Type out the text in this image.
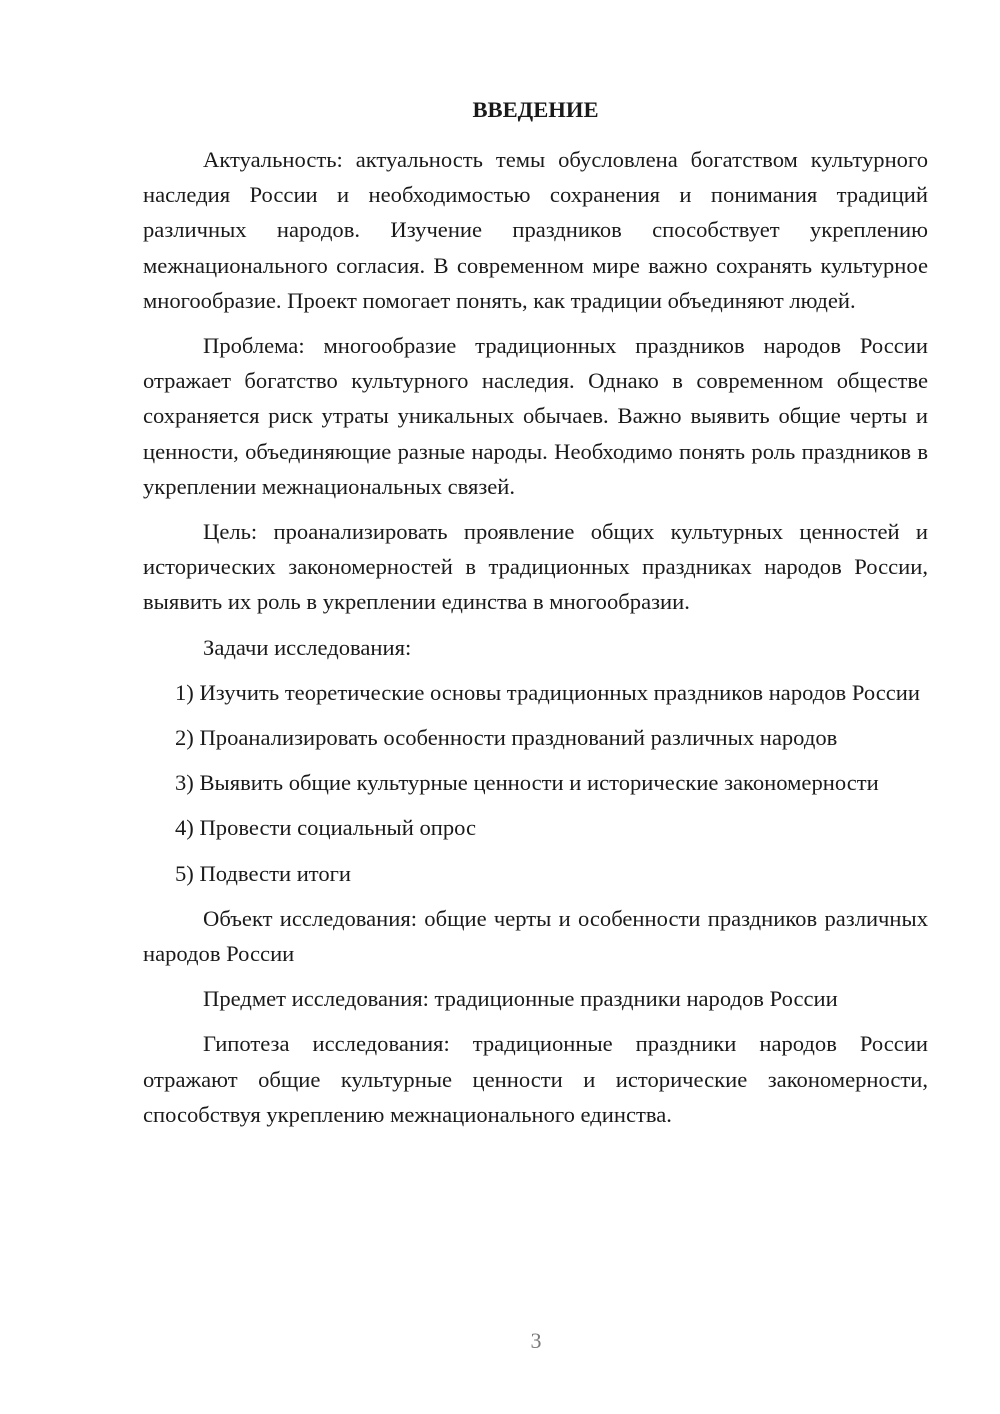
ВВЕДЕНИЕ

Актуальность: актуальность темы обусловлена богатством культурного наследия России и необходимостью сохранения и понимания традиций различных народов. Изучение праздников способствует укреплению межнационального согласия. В современном мире важно сохранять культурное многообразие. Проект помогает понять, как традиции объединяют людей.

Проблема: многообразие традиционных праздников народов России отражает богатство культурного наследия. Однако в современном обществе сохраняется риск утраты уникальных обычаев. Важно выявить общие черты и ценности, объединяющие разные народы. Необходимо понять роль праздников в укреплении межнациональных связей.

Цель: проанализировать проявление общих культурных ценностей и исторических закономерностей в традиционных праздниках народов России, выявить их роль в укреплении единства в многообразии.

Задачи исследования:

1) Изучить теоретические основы традиционных праздников народов России

2) Проанализировать особенности празднований различных народов

3) Выявить общие культурные ценности и исторические закономерности

4) Провести социальный опрос

5) Подвести итоги

Объект исследования: общие черты и особенности праздников различных народов России

Предмет исследования: традиционные праздники народов России

Гипотеза исследования: традиционные праздники народов России отражают общие культурные ценности и исторические закономерности, способствуя укреплению межнационального единства.

3
